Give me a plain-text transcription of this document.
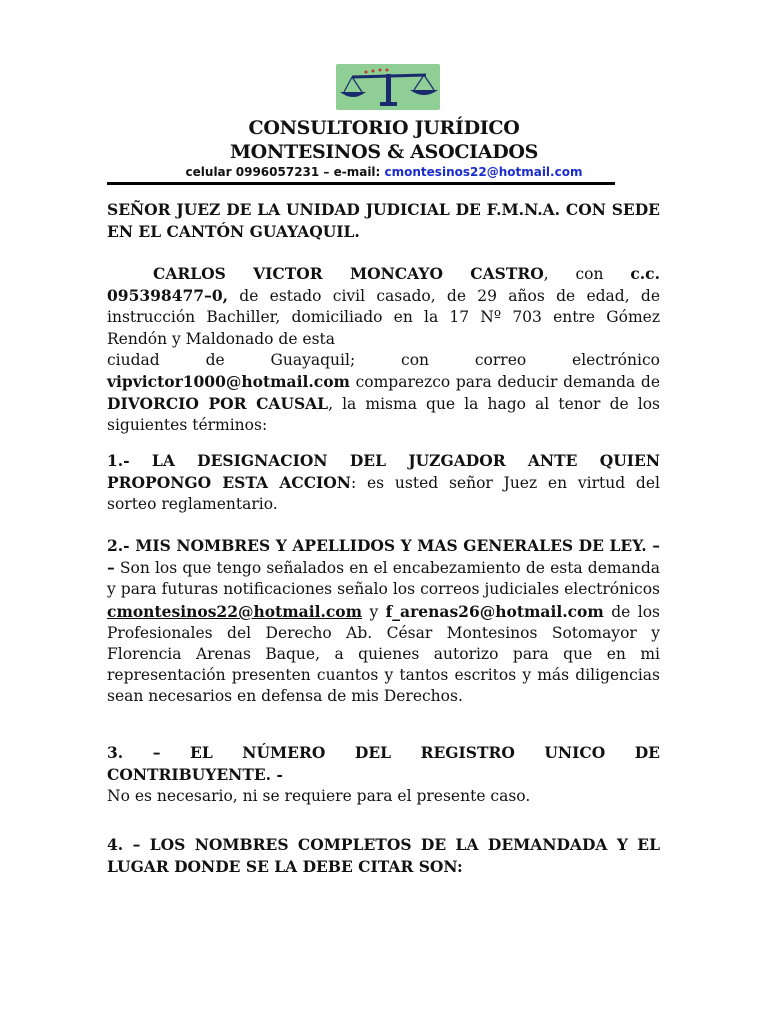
CONSULTORIO JURÍDICO
MONTESINOS & ASOCIADOS
celular 0996057231 – e-mail: cmontesinos22@hotmail.com
SEÑOR JUEZ DE LA UNIDAD JUDICIAL DE F.M.N.A. CON SEDE EN EL CANTÓN GUAYAQUIL.
CARLOS VICTOR MONCAYO CASTRO, con c.c. 095398477–0, de estado civil casado, de 29 años de edad, de instrucción Bachiller, domiciliado en la 17 Nº 703 entre Gómez Rendón y Maldonado de esta
ciudad	de	Guayaquil;	con	correo	electrónico
vipvictor1000@hotmail.com comparezco para deducir demanda de DIVORCIO POR CAUSAL, la misma que la hago al tenor de los siguientes términos:
1.- LA DESIGNACION DEL JUZGADOR ANTE QUIEN PROPONGO ESTA ACCION: es usted señor Juez en virtud del sorteo reglamentario.
2.- MIS NOMBRES Y APELLIDOS Y MAS GENERALES DE LEY. – – Son los que tengo señalados en el encabezamiento de esta demanda y para futuras notificaciones señalo los correos judiciales electrónicos cmontesinos22@hotmail.com y f_arenas26@hotmail.com de los Profesionales del Derecho Ab. César Montesinos Sotomayor y Florencia Arenas Baque, a quienes autorizo para que en mi representación presenten cuantos y tantos escritos y más diligencias sean necesarios en defensa de mis Derechos.
3. – EL NÚMERO DEL REGISTRO UNICO DE CONTRIBUYENTE. -
No es necesario, ni se requiere para el presente caso.
4. – LOS NOMBRES COMPLETOS DE LA DEMANDADA Y EL LUGAR DONDE SE LA DEBE CITAR SON:
